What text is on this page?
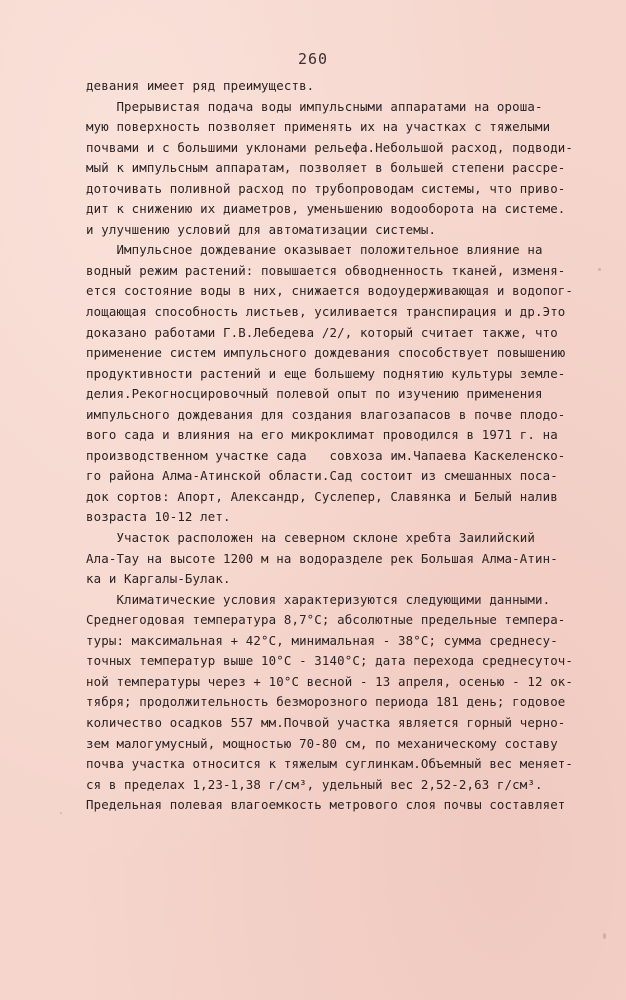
260
девания имеет ряд преимуществ.
Прерывистая подача воды импульсными аппаратами на ороша-
мую поверхность позволяет применять их на участках с тяжелыми
почвами и с большими уклонами рельефа.Небольшой расход, подводи-
мый к импульсным аппаратам, позволяет в большей степени рассре-
доточивать поливной расход по трубопроводам системы, что приво-
дит к снижению их диаметров, уменьшению водооборота на системе.
и улучшению условий для автоматизации системы.
Импульсное дождевание оказывает положительное влияние на
водный режим растений: повышается обводненность тканей, изменя-
ется состояние воды в них, снижается водоудерживающая и водопог-
лощающая способность листьев, усиливается транспирация и др.Это
доказано работами Г.В.Лебедева /2/, который считает также, что
применение систем импульсного дождевания способствует повышению
продуктивности растений и еще большему поднятию культуры земле-
делия.Рекогносцировочный полевой опыт по изучению применения
импульсного дождевания для создания влагозапасов в почве плодо-
вого сада и влияния на его микроклимат проводился в 1971 г. на
производственном участке сада   совхоза им.Чапаева Каскеленско-
го района Алма-Атинской области.Сад состоит из смешанных поса-
док сортов: Апорт, Александр, Суслепер, Славянка и Белый налив
возраста 10-12 лет.
Участок расположен на северном склоне хребта Заилийский
Ала-Тау на высоте 1200 м на водоразделе рек Большая Алма-Атин-
ка и Каргалы-Булак.
Климатические условия характеризуются следующими данными.
Среднегодовая температура 8,7°С; абсолютные предельные темпера-
туры: максимальная + 42°С, минимальная - 38°С; сумма среднесу-
точных температур выше 10°С - 3140°С; дата перехода среднесуточ-
ной температуры через + 10°С весной - 13 апреля, осенью - 12 ок-
тября; продолжительность безморозного периода 181 день; годовое
количество осадков 557 мм.Почвой участка является горный черно-
зем малогумусный, мощностью 70-80 см, по механическому составу
почва участка относится к тяжелым суглинкам.Объемный вес меняет-
ся в пределах 1,23-1,38 г/см³, удельный вес 2,52-2,63 г/см³.
Предельная полевая влагоемкость метрового слоя почвы составляет
